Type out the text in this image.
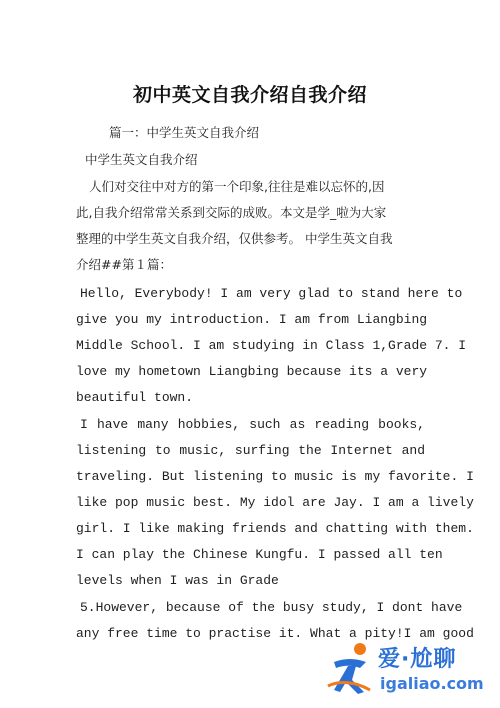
初中英文自我介绍自我介绍
篇一：中学生英文自我介绍
中学生英文自我介绍
人们对交往中对方的第一个印象,往往是难以忘怀的,因
此,自我介绍常常关系到交际的成败。本文是学_啦为大家
整理的中学生英文自我介绍，仅供参考。 中学生英文自我
介绍##第１篇：
Hello, Everybody! I am very glad to stand here to
give you my introduction. I am from Liangbing
Middle School. I am studying in Class 1,Grade 7. I
love my hometown Liangbing because its a very
beautiful town.
I have many hobbies, such as reading books,
listening to music, surfing the Internet and
traveling. But listening to music is my favorite. I
like pop music best. My idol are Jay. I am a lively
girl. I like making friends and chatting with them.
I can play the Chinese Kungfu. I passed all ten
levels when I was in Grade
5.However, because of the busy study, I dont have
any free time to practise it. What a pity!I am good
爱·尬聊
igaliao.com
